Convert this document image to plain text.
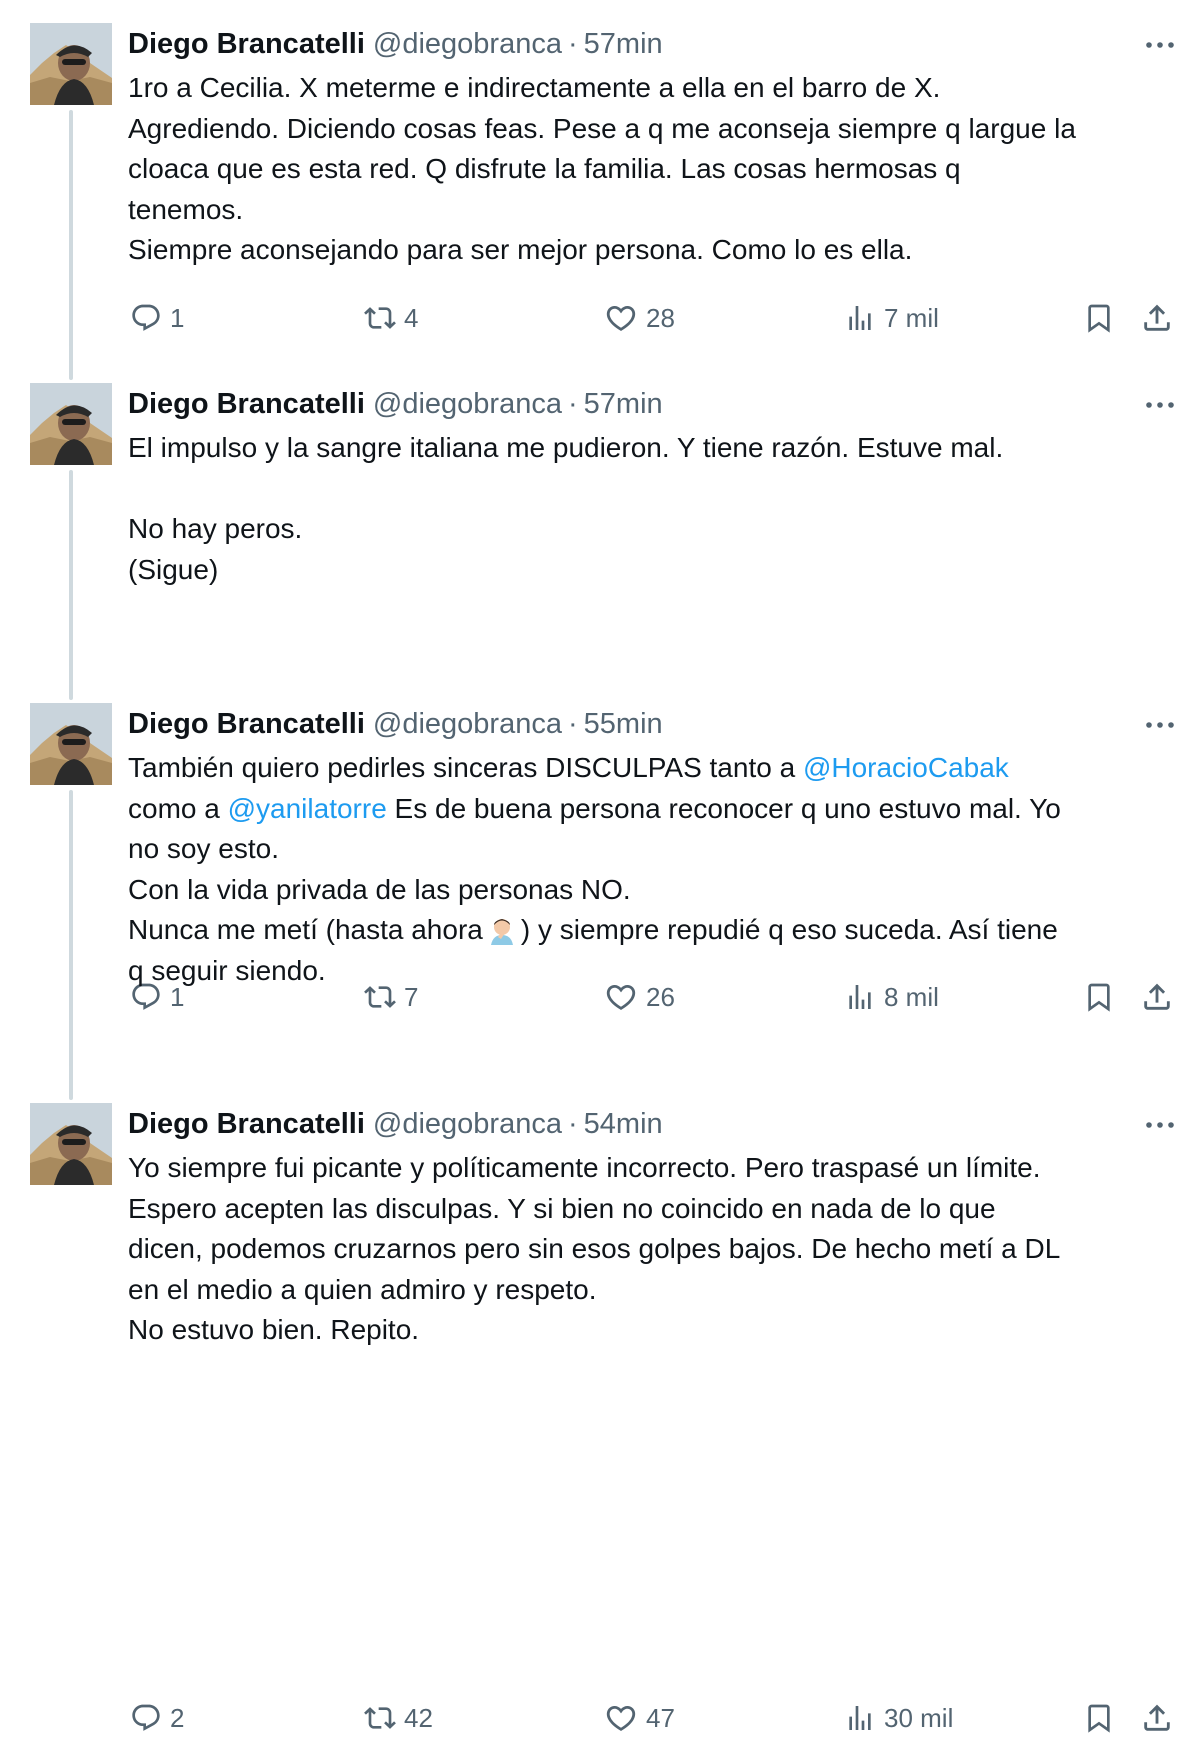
Diego Brancatelli @diegobranca · 57min
1ro a Cecilia. X meterme e indirectamente a ella en el barro de X.
Agrediendo. Diciendo cosas feas. Pese a q me aconseja siempre q largue la
cloaca que es esta red. Q disfrute la familia. Las cosas hermosas q
tenemos.
Siempre aconsejando para ser mejor persona. Como lo es ella.
1	4	28	7 mil
Diego Brancatelli @diegobranca · 57min
El impulso y la sangre italiana me pudieron. Y tiene razón. Estuve mal.
No hay peros.
(Sigue)
1	7	26	8 mil
Diego Brancatelli @diegobranca · 55min
También quiero pedirles sinceras DISCULPAS tanto a @HoracioCabak
como a @yanilatorre Es de buena persona reconocer q uno estuvo mal. Yo
no soy esto.
Con la vida privada de las personas NO.
Nunca me metí (hasta ahora ) y siempre repudié q eso suceda. Así tiene
q seguir siendo.
2	42	47	30 mil
Diego Brancatelli @diegobranca · 54min
Yo siempre fui picante y políticamente incorrecto. Pero traspasé un límite.
Espero acepten las disculpas. Y si bien no coincido en nada de lo que
dicen, podemos cruzarnos pero sin esos golpes bajos. De hecho metí a DL
en el medio a quien admiro y respeto.
No estuvo bien. Repito.
